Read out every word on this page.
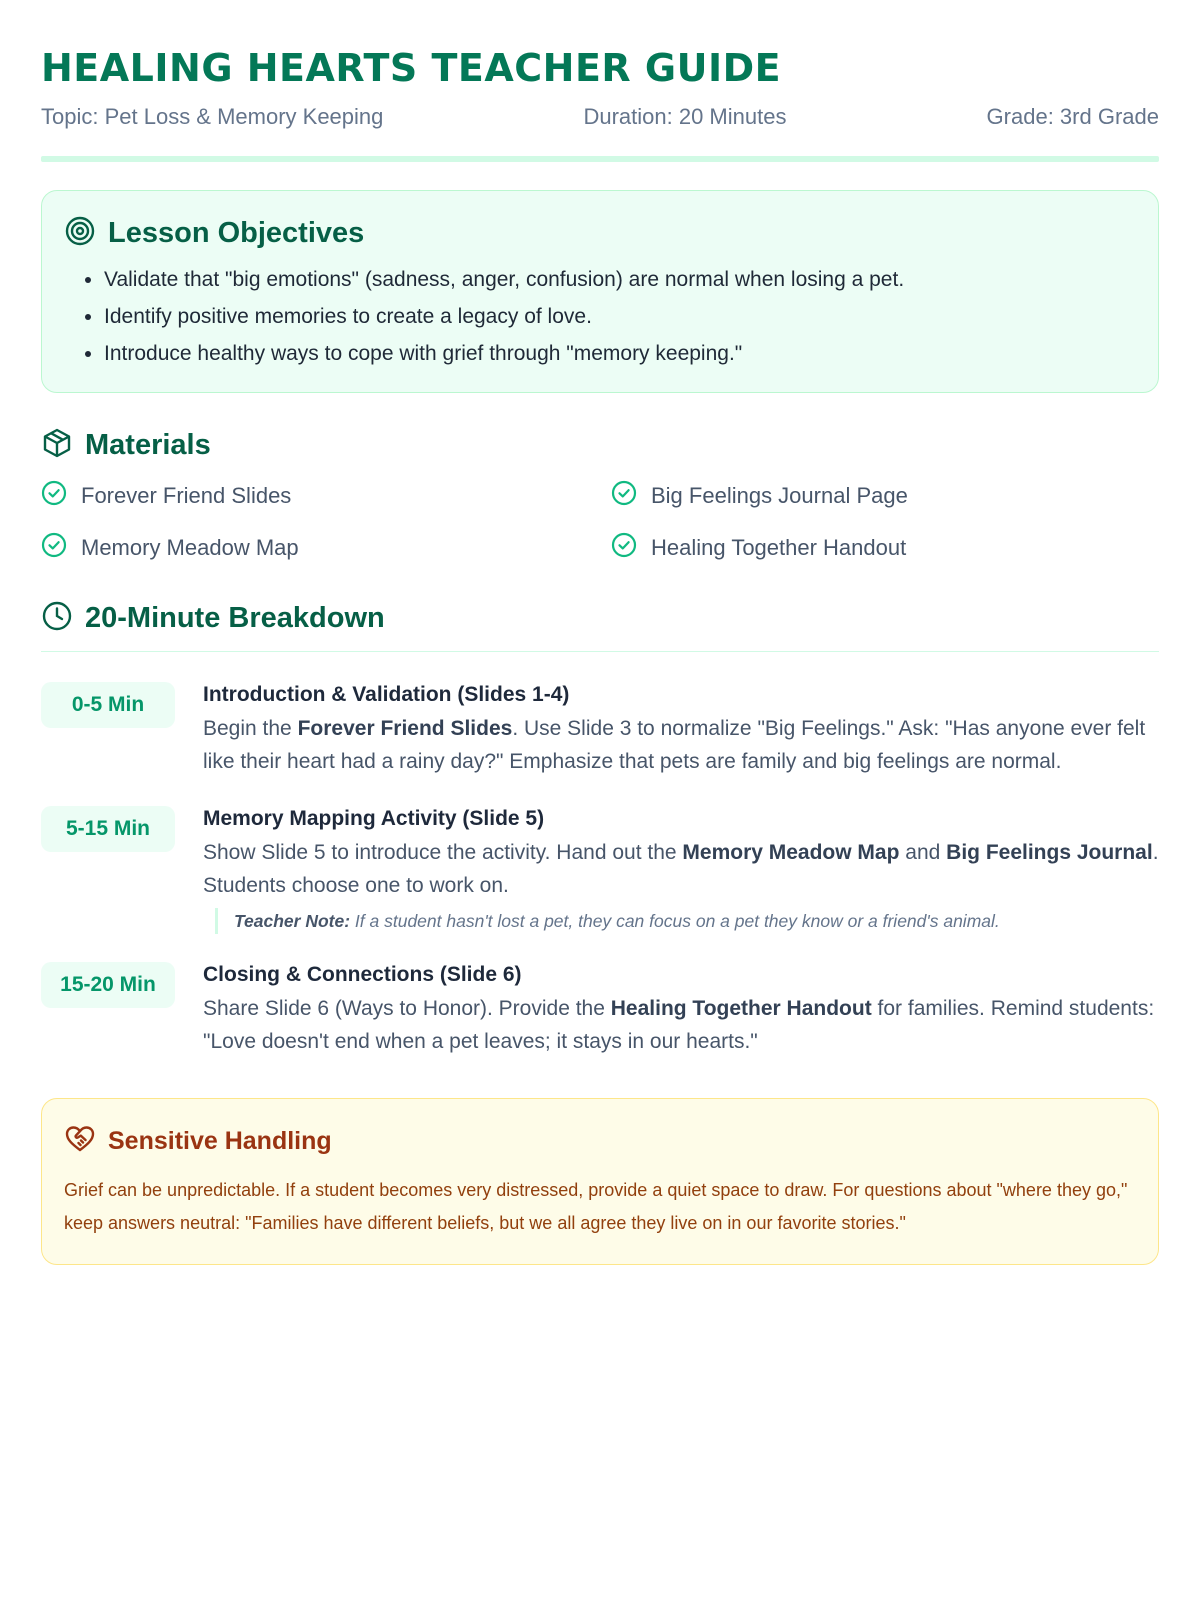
HEALING HEARTS TEACHER GUIDE
Topic: Pet Loss & Memory Keeping	Duration: 20 Minutes	Grade: 3rd Grade
Lesson Objectives
• Validate that "big emotions" (sadness, anger, confusion) are normal when losing a pet.
• Identify positive memories to create a legacy of love.
• Introduce healthy ways to cope with grief through "memory keeping."
Materials
Forever Friend Slides	Big Feelings Journal Page
Memory Meadow Map	Healing Together Handout
20-Minute Breakdown
0-5 Min	Introduction & Validation (Slides 1-4)
Begin the Forever Friend Slides. Use Slide 3 to normalize "Big Feelings." Ask: "Has anyone ever felt like their heart had a rainy day?" Emphasize that pets are family and big feelings are normal.
5-15 Min	Memory Mapping Activity (Slide 5)
Show Slide 5 to introduce the activity. Hand out the Memory Meadow Map and Big Feelings Journal. Students choose one to work on.
Teacher Note: If a student hasn't lost a pet, they can focus on a pet they know or a friend's animal.
15-20 Min	Closing & Connections (Slide 6)
Share Slide 6 (Ways to Honor). Provide the Healing Together Handout for families. Remind students: "Love doesn't end when a pet leaves; it stays in our hearts."
Sensitive Handling
Grief can be unpredictable. If a student becomes very distressed, provide a quiet space to draw. For questions about "where they go," keep answers neutral: "Families have different beliefs, but we all agree they live on in our favorite stories."
